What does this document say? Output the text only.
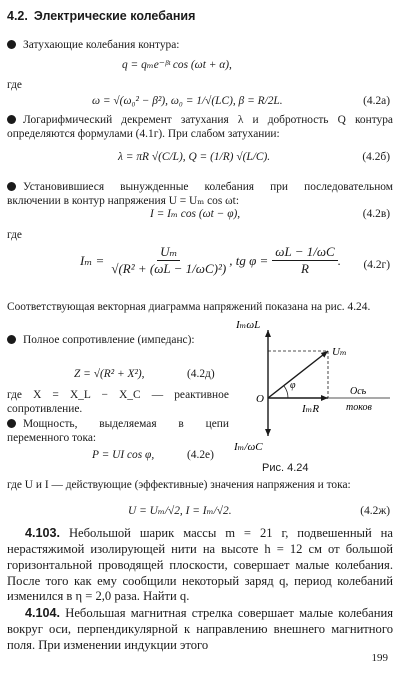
4.2. Электрические колебания
Затухающие колебания контура:
q = qₘe⁻ᵝᵗ cos (ωt + α),
где
ω = √(ω₀² − β²), ω₀ = 1/√(LC), β = R/2L.	(4.2а)
Логарифмический декремент затухания λ и добротность Q контура определяются формулами (4.1г). При слабом затухании:
λ = πR √(C/L), Q = (1/R) √(L/C).	(4.2б)
Установившиеся вынужденные колебания при последовательном включении в контур напряжения U = Uₘ cos ωt:
I = Iₘ cos (ωt − φ),	(4.2в)
где
$I_m = \frac{\text{Uₘ}}{\text{√(R² + (ωL − 1/ωC)²)}}$ , tg $\varphi = \frac{\omega L - 1/\omega C}{R}$ . (4.2г)
Соответствующая векторная диаграмма напряжений показана на рис. 4.24.
Полное сопротивление (импеданс):
Z = √(R² + X²),	(4.2д)
где X = X_L − X_C — реактивное сопротивление.
Мощность, выделяемая в цепи переменного тока:
P = UI cos φ,	(4.2е)
IₘωL
Uₘ
φ
O
IₘR
Ось
токов
Iₘ/ωC
Рис. 4.24
где U и I — действующие (эффективные) значения напряжения и тока:
U = Uₘ/√2, I = Iₘ/√2.	(4.2ж)
4.103. Небольшой шарик массы m = 21 г, подвешенный на нерастяжимой изолирующей нити на высоте h = 12 см от большой горизонтальной проводящей плоскости, совершает малые колебания. После того как ему сообщили некоторый заряд q, период колебаний изменился в η = 2,0 раза. Найти q.
4.104. Небольшая магнитная стрелка совершает малые колебания вокруг оси, перпендикулярной к направлению внешнего магнитного поля. При изменении индукции этого
199
